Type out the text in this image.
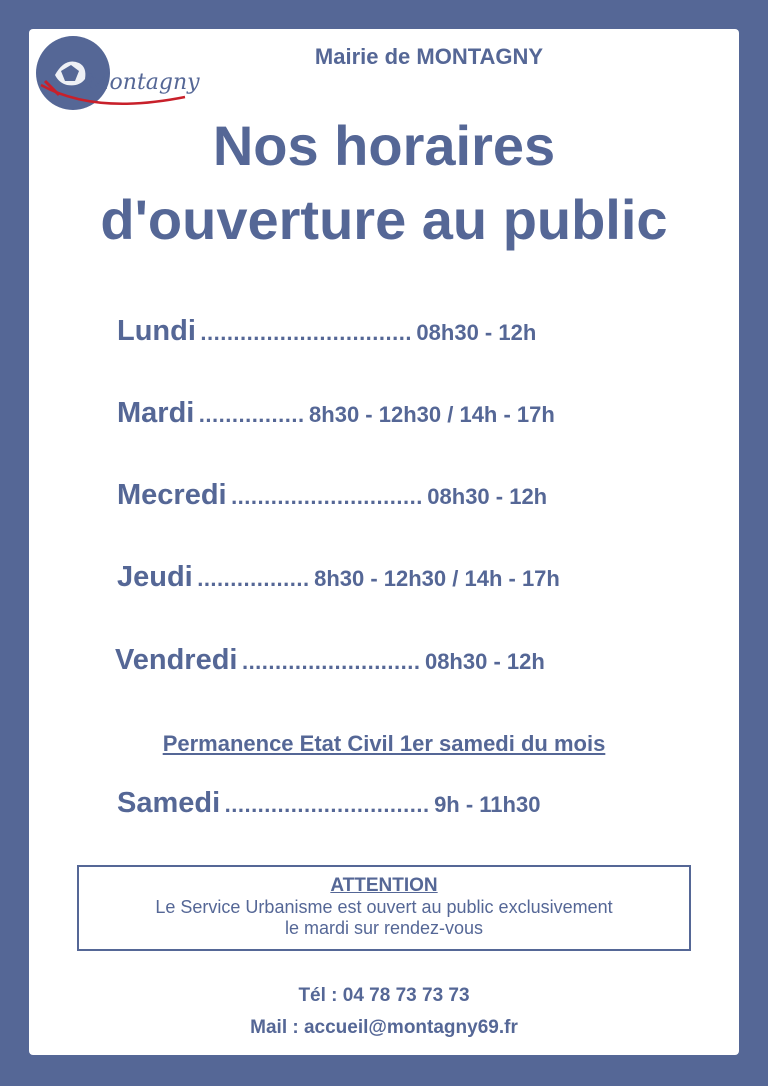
Montagny
Mairie de MONTAGNY
Nos horaires
d'ouverture au public
Lundi ................................ 08h30 - 12h
Mardi ................ 8h30 - 12h30 / 14h - 17h
Mecredi ............................. 08h30 - 12h
Jeudi ................. 8h30 - 12h30 / 14h - 17h
Vendredi ........................... 08h30 - 12h
Permanence Etat Civil 1er samedi du mois
Samedi ............................... 9h - 11h30
ATTENTION
Le Service Urbanisme est ouvert au public exclusivement
le mardi sur rendez-vous
Tél : 04 78 73 73 73
Mail : accueil@montagny69.fr
